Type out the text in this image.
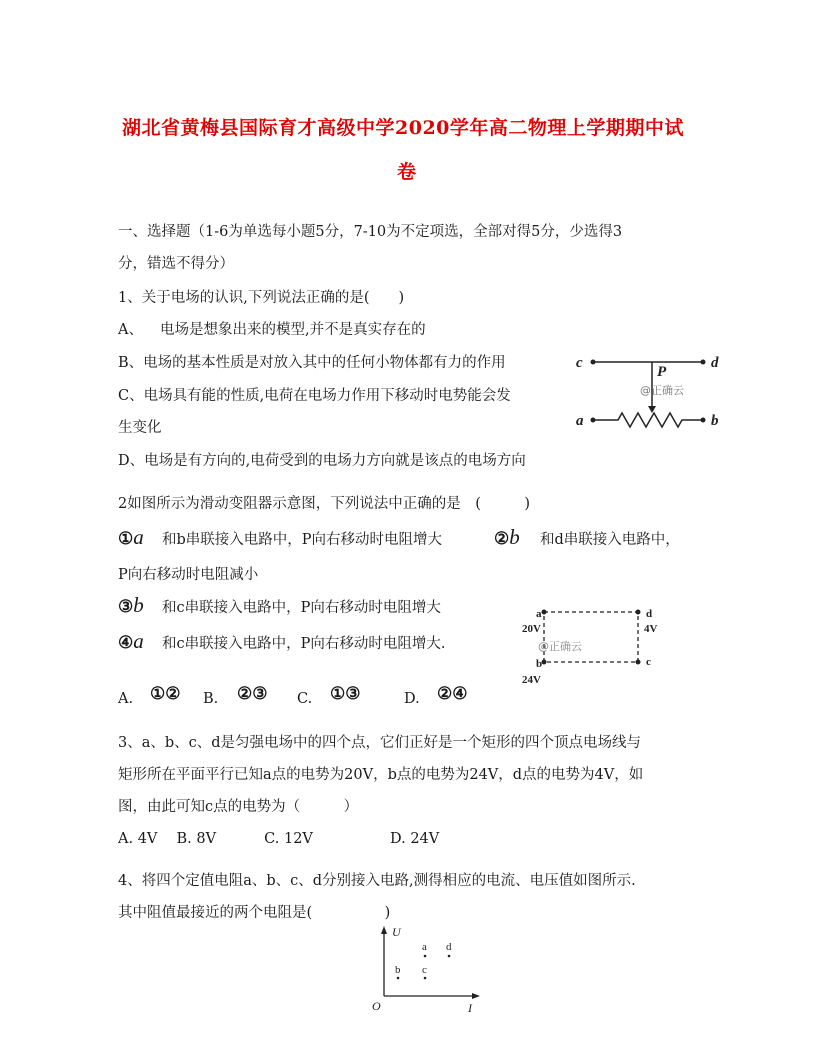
湖北省黄梅县国际育才高级中学2020学年高二物理上学期期中试
卷
一、选择题（1-6为单选每小题5分，7-10为不定项选，全部对得5分，少选得3
分，错选不得分）
1、关于电场的认识,下列说法正确的是(　　)
A、 电场是想象出来的模型,并不是真实存在的
B、电场的基本性质是对放入其中的任何小物体都有力的作用
C、电场具有能的性质,电荷在电场力作用下移动时电势能会发
生变化
D、电场是有方向的,电荷受到的电场力方向就是该点的电场方向
c	d
P
@正确云
a	b
2如图所示为滑动变阻器示意图，下列说法中正确的是　(　　　)
①a 和b串联接入电路中，P向右移动时电阻增大	②b 和d串联接入电路中，
P向右移动时电阻减小
③b 和c串联接入电路中，P向右移动时电阻增大
④a 和c串联接入电路中，P向右移动时电阻增大.
A. ①② B. ②③ C. ①③	D. ②④
a	d
b	c
20V	4V
24V
@正确云
3、a、b、c、d是匀强电场中的四个点，它们正好是一个矩形的四个顶点电场线与
矩形所在平面平行已知a点的电势为20V，b点的电势为24V，d点的电势为4V，如
图，由此可知c点的电势为（　　　）
A. 4V　 B. 8V　　　 C. 12V　　　　　 D. 24V
4、将四个定值电阻a、b、c、d分别接入电路,测得相应的电流、电压值如图所示.
其中阻值最接近的两个电阻是(　　　　　)
U
I
O
a d
b c
